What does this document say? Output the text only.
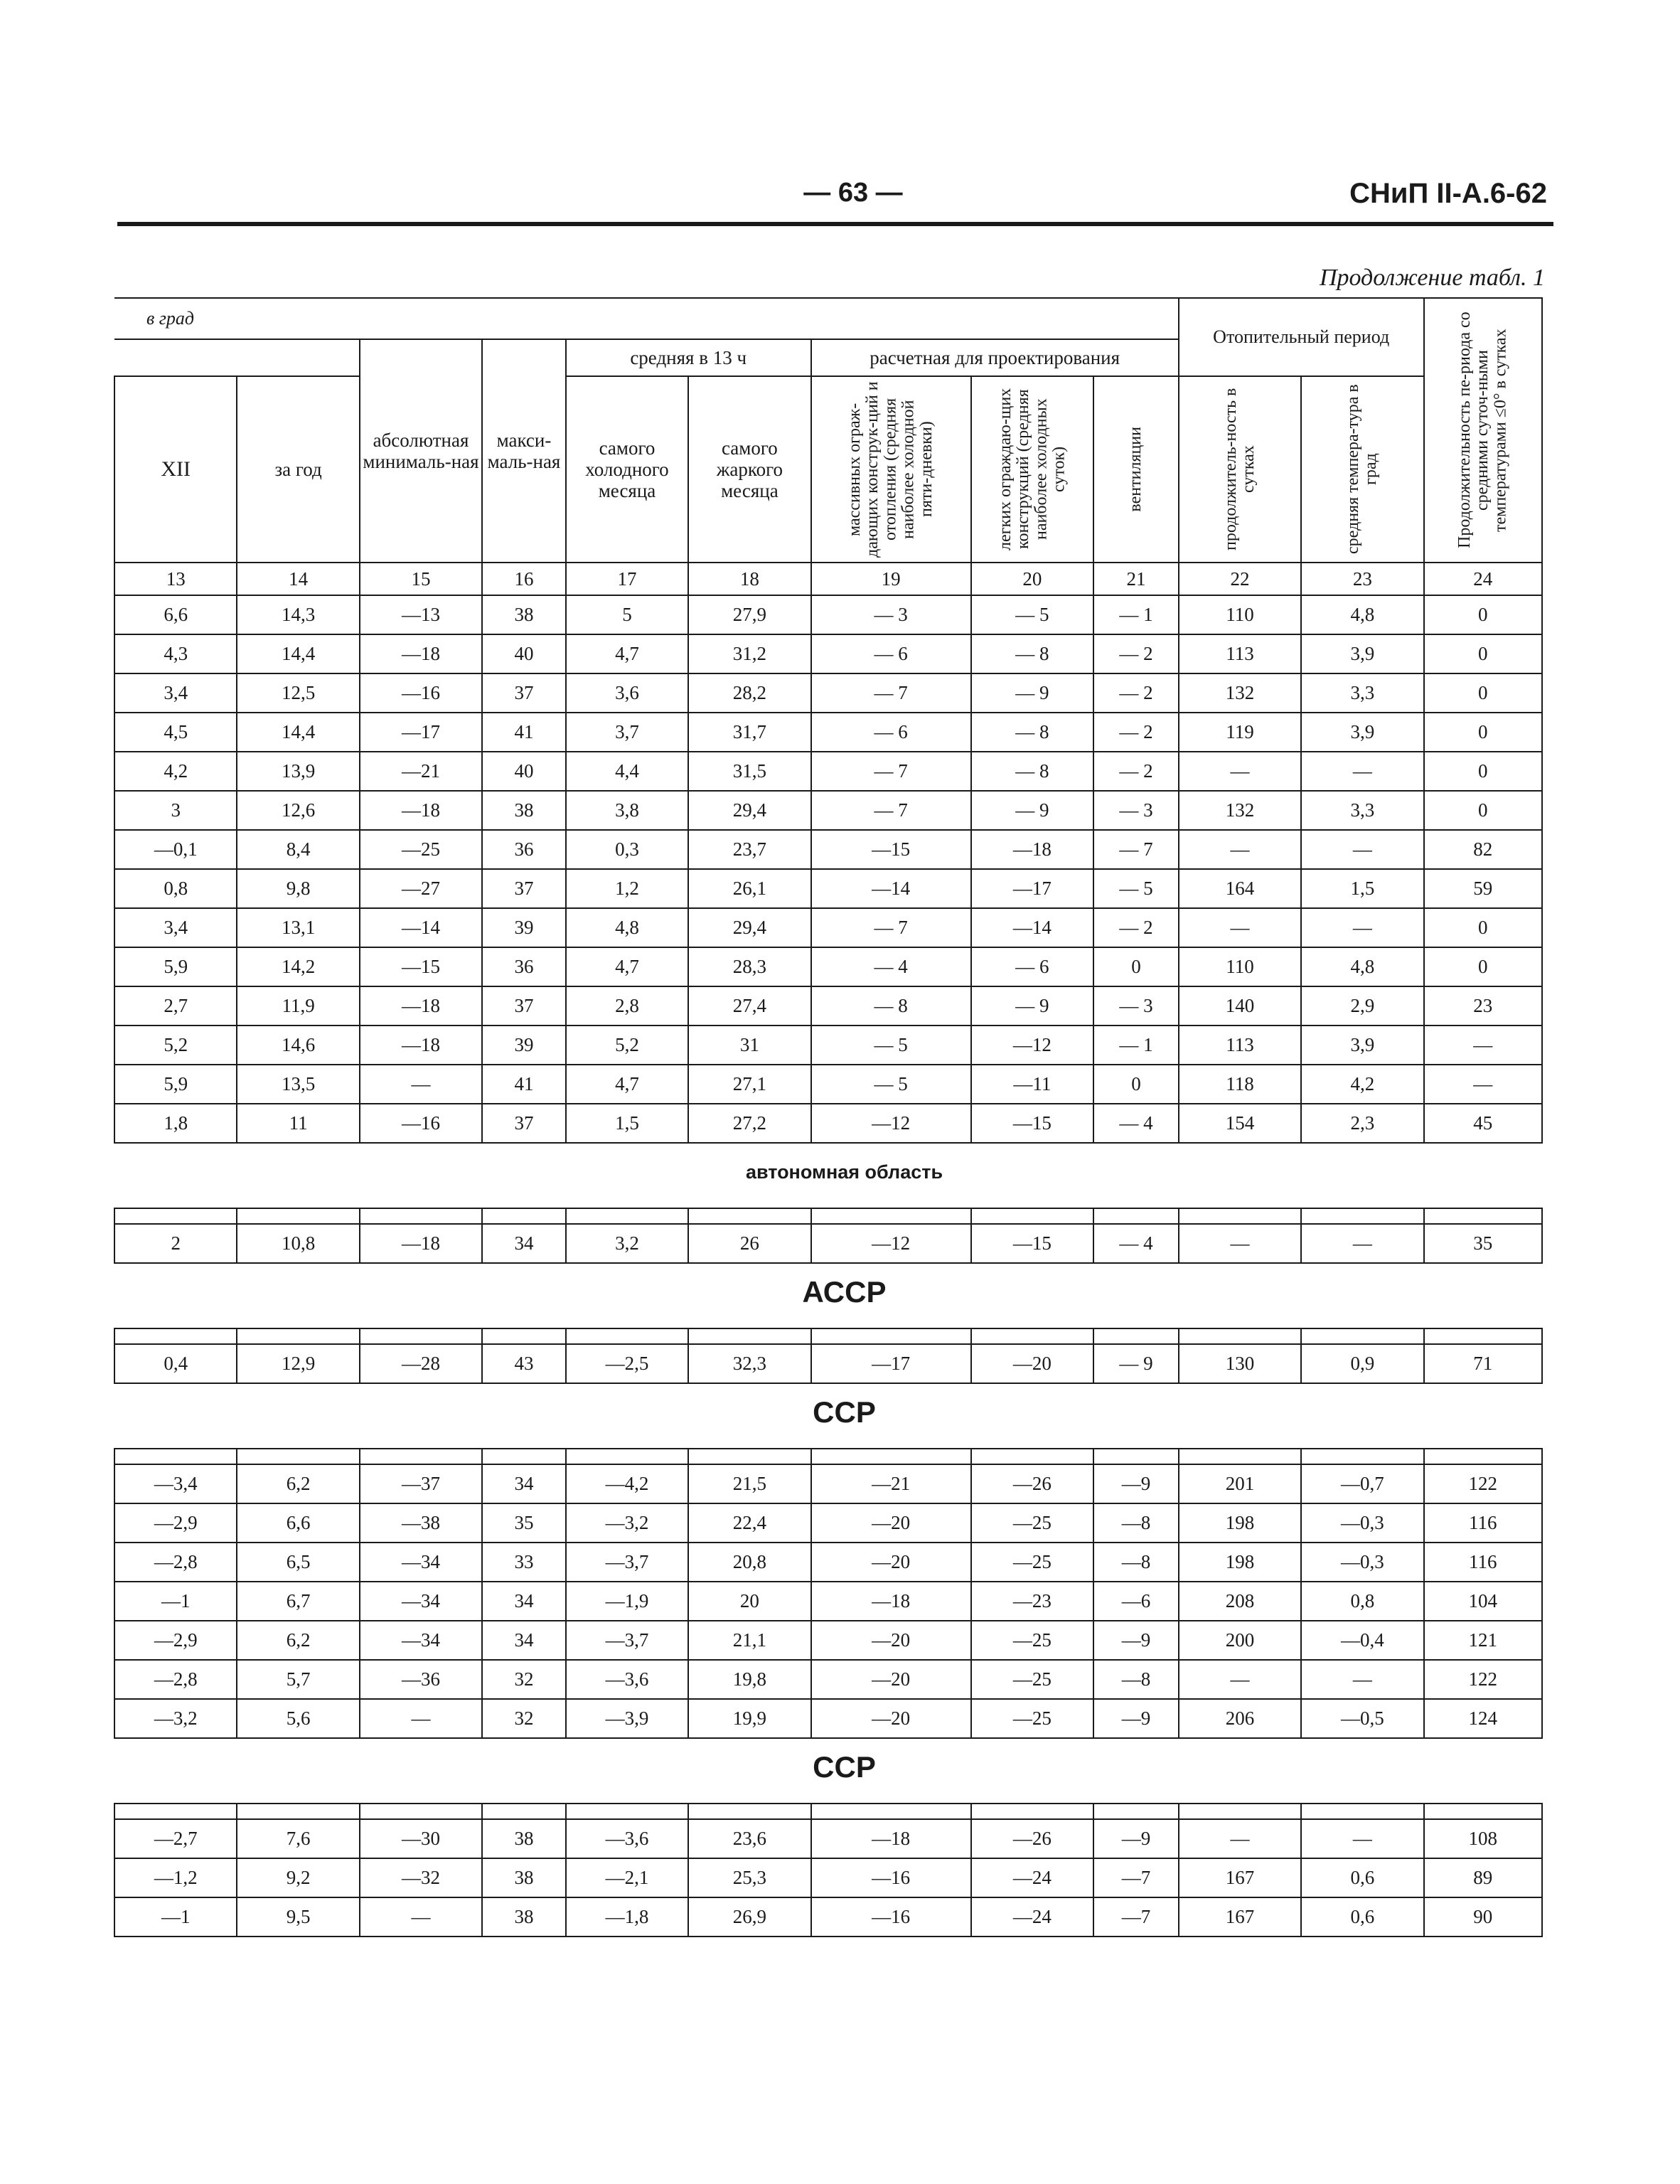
— 63 —	СНиП II-А.6-62
Продолжение табл. 1
в град									Отопительный период		Продолжительность пе-риода со средними суточ-ными температурами ≤0° в сутках

		абсолютная минималь-ная	макси-маль-ная	средняя в 13 ч		расчетная для проектирования					
XII	за год			самого холодного месяца	самого жаркого месяца	массивных ограж-дающих конструк-ций и отопления (средняя наиболее холодной пяти-дневки)	легких ограждаю-щих конструкций (средняя наиболее холодных суток)	вентиляции	продолжитель-ность в сутках	средняя темпера-тура в град	

13	14	15	16	17	18	19	20	21	22	23	24
6,6	14,3	—13	38	5	27,9	— 3	— 5	— 1	110	4,8	0
4,3	14,4	—18	40	4,7	31,2	— 6	— 8	— 2	113	3,9	0
3,4	12,5	—16	37	3,6	28,2	— 7	— 9	— 2	132	3,3	0
4,5	14,4	—17	41	3,7	31,7	— 6	— 8	— 2	119	3,9	0
4,2	13,9	—21	40	4,4	31,5	— 7	— 8	— 2	—	—	0
3	12,6	—18	38	3,8	29,4	— 7	— 9	— 3	132	3,3	0
—0,1	8,4	—25	36	0,3	23,7	—15	—18	— 7	—	—	82
0,8	9,8	—27	37	1,2	26,1	—14	—17	— 5	164	1,5	59
3,4	13,1	—14	39	4,8	29,4	— 7	—14	— 2	—	—	0
5,9	14,2	—15	36	4,7	28,3	— 4	— 6	0	110	4,8	0
2,7	11,9	—18	37	2,8	27,4	— 8	— 9	— 3	140	2,9	23
5,2	14,6	—18	39	5,2	31	— 5	—12	— 1	113	3,9	—
5,9	13,5	—	41	4,7	27,1	— 5	—11	0	118	4,2	—
1,8	11	—16	37	1,5	27,2	—12	—15	— 4	154	2,3	45
автономная область											

2	10,8	—18	34	3,2	26	—12	—15	— 4	—	—	35
АССР											

0,4	12,9	—28	43	—2,5	32,3	—17	—20	— 9	130	0,9	71
ССР											

—3,4	6,2	—37	34	—4,2	21,5	—21	—26	—9	201	—0,7	122
—2,9	6,6	—38	35	—3,2	22,4	—20	—25	—8	198	—0,3	116
—2,8	6,5	—34	33	—3,7	20,8	—20	—25	—8	198	—0,3	116
—1	6,7	—34	34	—1,9	20	—18	—23	—6	208	0,8	104
—2,9	6,2	—34	34	—3,7	21,1	—20	—25	—9	200	—0,4	121
—2,8	5,7	—36	32	—3,6	19,8	—20	—25	—8	—	—	122
—3,2	5,6	—	32	—3,9	19,9	—20	—25	—9	206	—0,5	124
ССР											

—2,7	7,6	—30	38	—3,6	23,6	—18	—26	—9	—	—	108
—1,2	9,2	—32	38	—2,1	25,3	—16	—24	—7	167	0,6	89
—1	9,5	—	38	—1,8	26,9	—16	—24	—7	167	0,6	90
